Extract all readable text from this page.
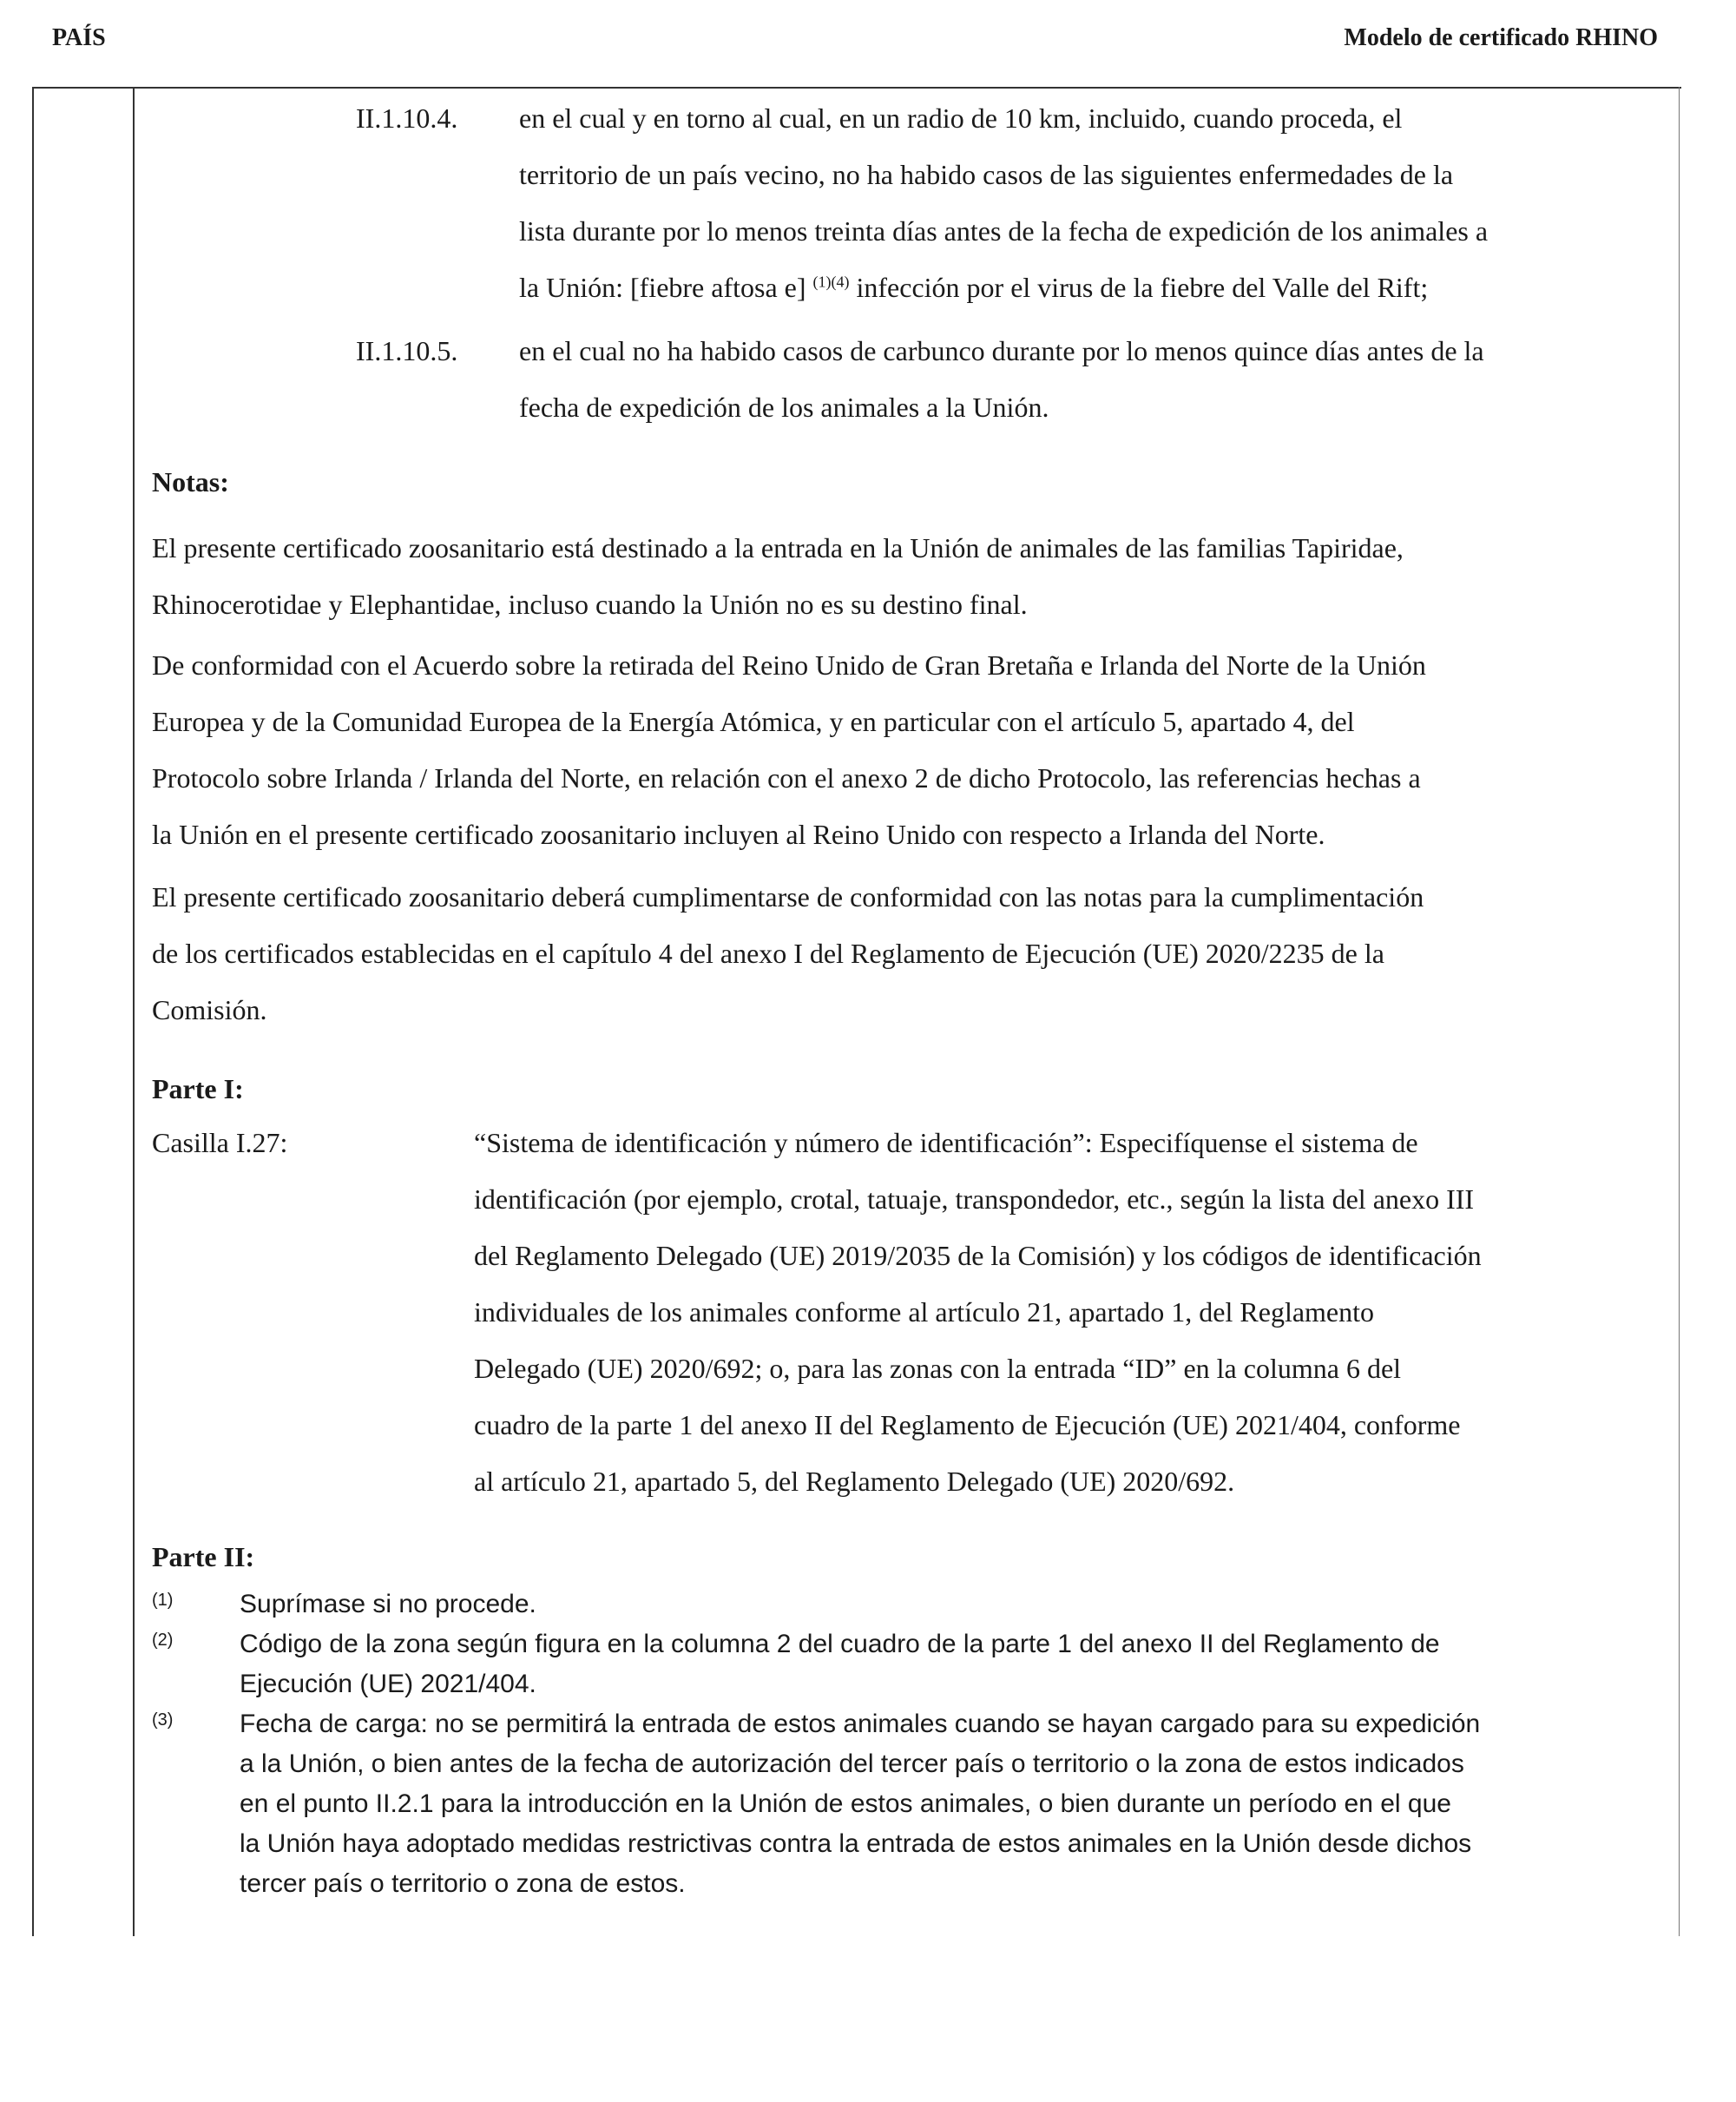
PAÍS	Modelo de certificado RHINO
II.1.10.4. en el cual y en torno al cual, en un radio de 10 km, incluido, cuando proceda, el
territorio de un país vecino, no ha habido casos de las siguientes enfermedades de la
lista durante por lo menos treinta días antes de la fecha de expedición de los animales a
la Unión: [fiebre aftosa e] $^{(1)(4)}$ infección por el virus de la fiebre del Valle del Rift;
II.1.10.5. en el cual no ha habido casos de carbunco durante por lo menos quince días antes de la
fecha de expedición de los animales a la Unión.
Notas:
El presente certificado zoosanitario está destinado a la entrada en la Unión de animales de las familias Tapiridae,
Rhinocerotidae y Elephantidae, incluso cuando la Unión no es su destino final.
De conformidad con el Acuerdo sobre la retirada del Reino Unido de Gran Bretaña e Irlanda del Norte de la Unión
Europea y de la Comunidad Europea de la Energía Atómica, y en particular con el artículo 5, apartado 4, del
Protocolo sobre Irlanda / Irlanda del Norte, en relación con el anexo 2 de dicho Protocolo, las referencias hechas a
la Unión en el presente certificado zoosanitario incluyen al Reino Unido con respecto a Irlanda del Norte.
El presente certificado zoosanitario deberá cumplimentarse de conformidad con las notas para la cumplimentación
de los certificados establecidas en el capítulo 4 del anexo I del Reglamento de Ejecución (UE) 2020/2235 de la
Comisión.
Parte I:
Casilla I.27:	“Sistema de identificación y número de identificación”: Especifíquense el sistema de
identificación (por ejemplo, crotal, tatuaje, transpondedor, etc., según la lista del anexo III
del Reglamento Delegado (UE) 2019/2035 de la Comisión) y los códigos de identificación
individuales de los animales conforme al artículo 21, apartado 1, del Reglamento
Delegado (UE) 2020/692; o, para las zonas con la entrada “ID” en la columna 6 del
cuadro de la parte 1 del anexo II del Reglamento de Ejecución (UE) 2021/404, conforme
al artículo 21, apartado 5, del Reglamento Delegado (UE) 2020/692.
Parte II:
(1)	Suprímase si no procede.
(2)	Código de la zona según figura en la columna 2 del cuadro de la parte 1 del anexo II del Reglamento de
Ejecución (UE) 2021/404.
(3)	Fecha de carga: no se permitirá la entrada de estos animales cuando se hayan cargado para su expedición
a la Unión, o bien antes de la fecha de autorización del tercer país o territorio o la zona de estos indicados
en el punto II.2.1 para la introducción en la Unión de estos animales, o bien durante un período en el que
la Unión haya adoptado medidas restrictivas contra la entrada de estos animales en la Unión desde dichos
tercer país o territorio o zona de estos.
